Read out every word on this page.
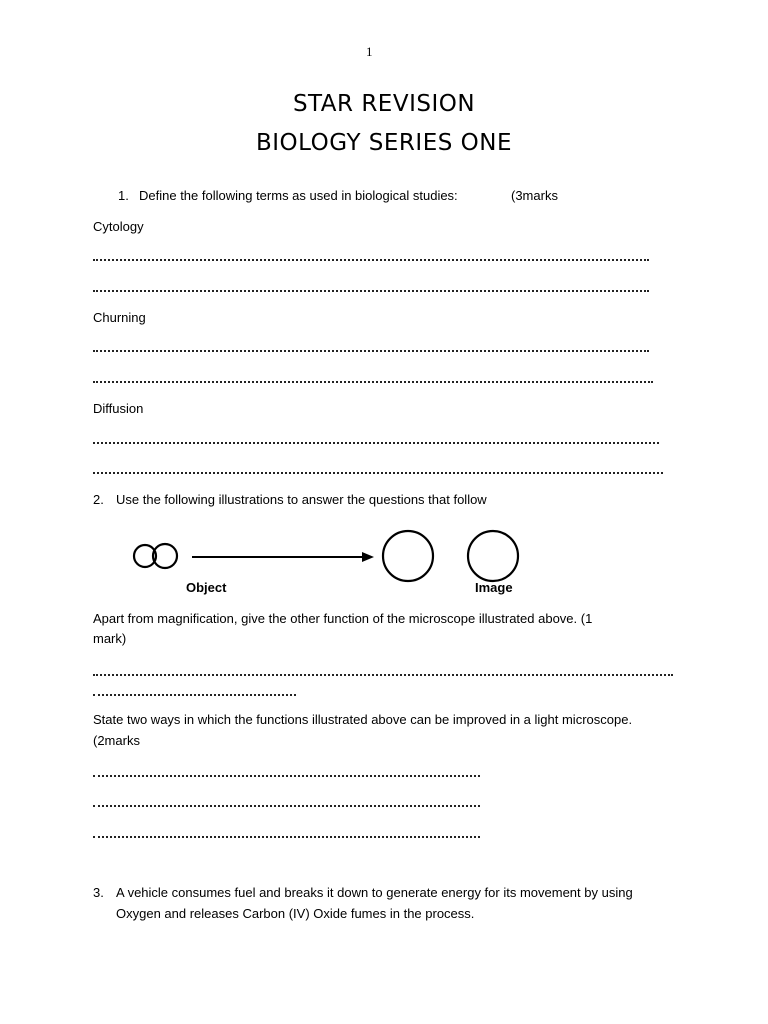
1
STAR REVISION
BIOLOGY SERIES ONE
1. Define the following terms as used in biological studies:	(3marks
Cytology
Churning
Diffusion
2. Use the following illustrations to answer the questions that follow
Object	Image
Apart from magnification, give the other function of the microscope illustrated above. (1
mark)
State two ways in which the functions illustrated above can be improved in a light microscope.
(2marks
3. A vehicle consumes fuel and breaks it down to generate energy for its movement by using
Oxygen and releases Carbon (IV) Oxide fumes in the process.
